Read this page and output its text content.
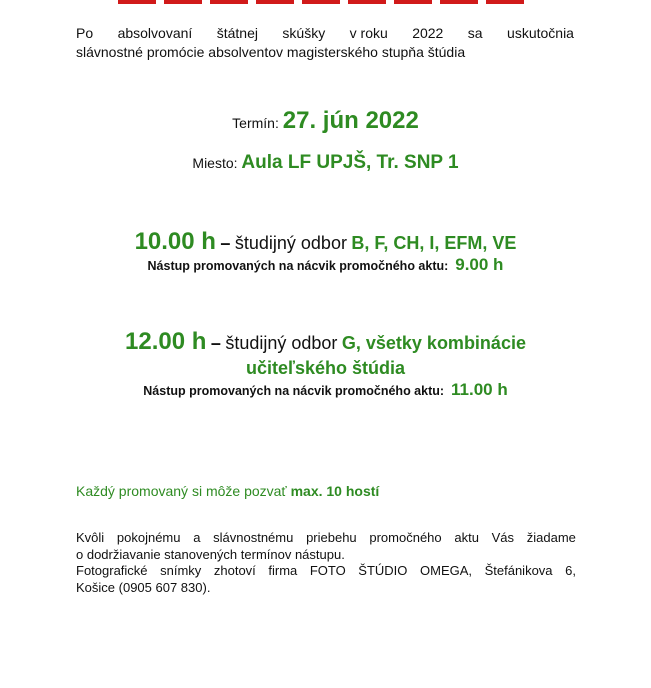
Po absolvovaní štátnej skúšky v roku 2022 sa uskutočnia
slávnostné promócie absolventov magisterského stupňa štúdia
Termín: 27. jún 2022
Miesto: Aula LF UPJŠ, Tr. SNP 1
10.00 h – študijný odbor B, F, CH, I, EFM, VE
Nástup promovaných na nácvik promočného aktu:  9.00 h
12.00 h – študijný odbor G, všetky kombinácie
učiteľského štúdia
Nástup promovaných na nácvik promočného aktu:  11.00 h
Každý promovaný si môže pozvať max. 10 hostí
Kvôli pokojnému a slávnostnému priebehu promočného aktu Vás žiadame
o dodržiavanie stanovených termínov nástupu.
Fotografické snímky zhotoví firma FOTO ŠTÚDIO OMEGA, Štefánikova 6,
Košice (0905 607 830).
